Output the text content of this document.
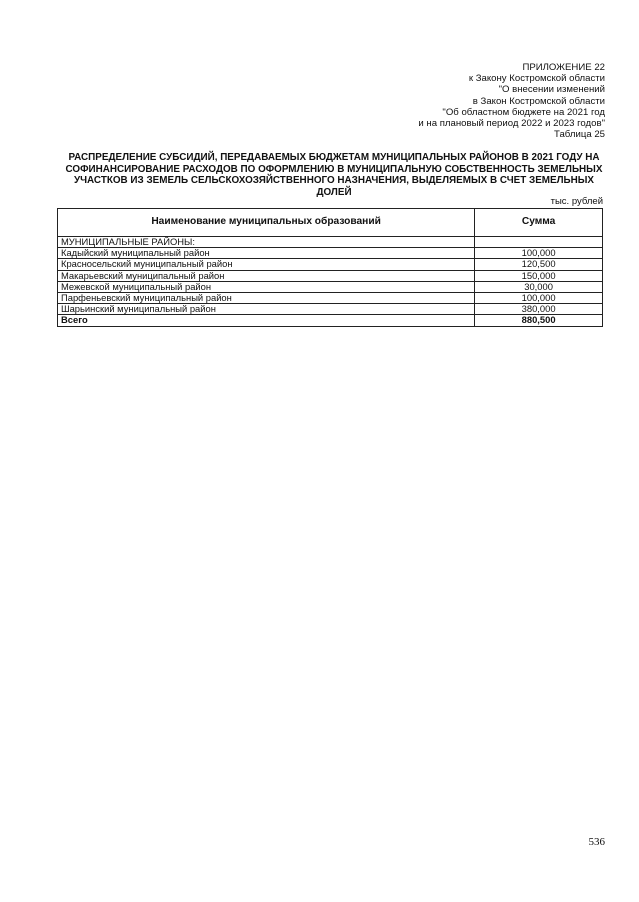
ПРИЛОЖЕНИЕ 22
к Закону Костромской области
"О внесении изменений
в Закон Костромской области
"Об областном бюджете на 2021 год
и на плановый период 2022 и 2023 годов"
Таблица 25
РАСПРЕДЕЛЕНИЕ СУБСИДИЙ, ПЕРЕДАВАЕМЫХ БЮДЖЕТАМ МУНИЦИПАЛЬНЫХ РАЙОНОВ В 2021 ГОДУ НА
СОФИНАНСИРОВАНИЕ РАСХОДОВ ПО ОФОРМЛЕНИЮ В МУНИЦИПАЛЬНУЮ СОБСТВЕННОСТЬ ЗЕМЕЛЬНЫХ
УЧАСТКОВ ИЗ ЗЕМЕЛЬ СЕЛЬСКОХОЗЯЙСТВЕННОГО НАЗНАЧЕНИЯ, ВЫДЕЛЯЕМЫХ В СЧЕТ ЗЕМЕЛЬНЫХ
ДОЛЕЙ
тыс. рублей
Наименование муниципальных образований	Сумма
МУНИЦИПАЛЬНЫЕ РАЙОНЫ:	
Кадыйский муниципальный район	100,000
Красносельский муниципальный район	120,500
Макарьевский муниципальный район	150,000
Межевской муниципальный район	30,000
Парфеньевский муниципальный район	100,000
Шарьинский муниципальный район	380,000
Всего	880,500
536
